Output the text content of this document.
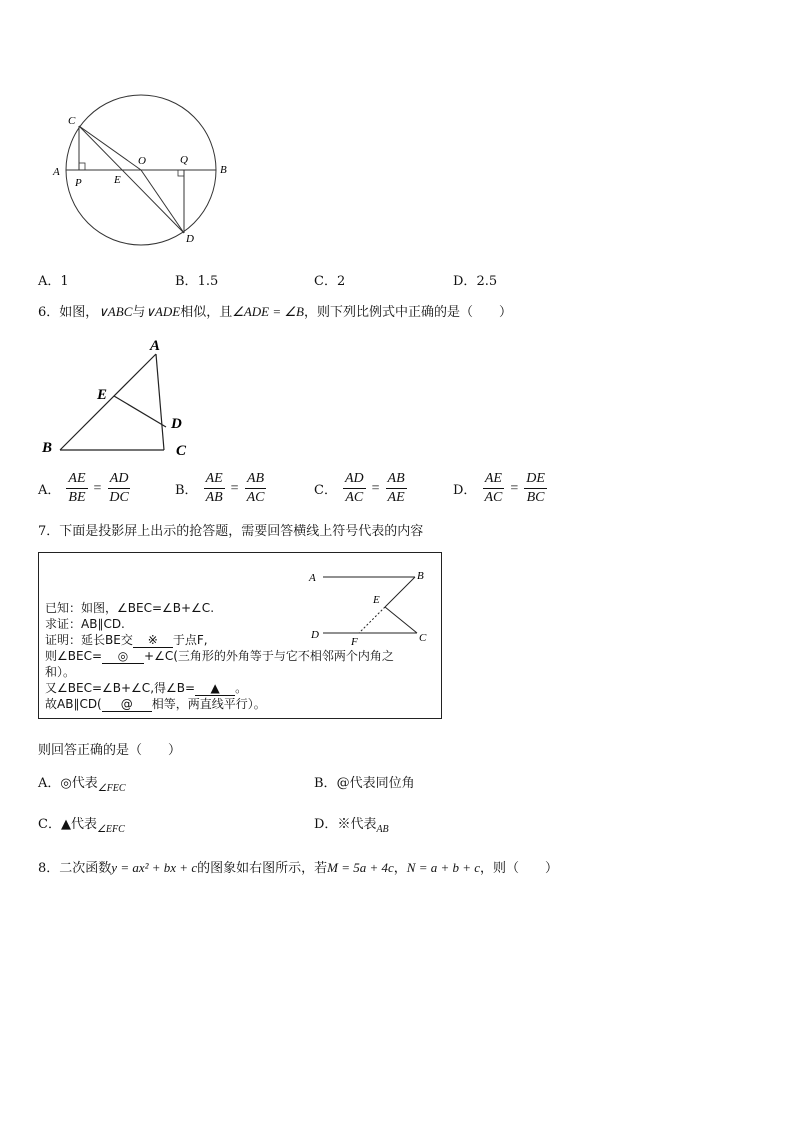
C
O	Q
A
P	E
B
D
A．1	B．1.5	C．2	D．2.5
6．如图，∨ABC与∨ADE相似，且∠ADE = ∠B，则下列比例式中正确的是（　　）
A
E
D
B	C
A． $\frac{AE}{BE} = \frac{AD}{DC}$	B． $\frac{AE}{AB} = \frac{AB}{AC}$	C． $\frac{AD}{AC} = \frac{AB}{AE}$	D． $\frac{AE}{AC} = \frac{DE}{BC}$
7．下面是投影屏上出示的抢答题，需要回答横线上符号代表的内容
A	B
E
D
F	C
已知：如图，∠BEC=∠B+∠C.
求证：AB∥CD.
证明：延长BE交 ※ 于点F,
则∠BEC= ◎ +∠C(三角形的外角等于与它不相邻两个内角之
和）。
又∠BEC=∠B+∠C,得∠B= ▲ 。
故AB∥CD( @ 相等，两直线平行）。
则回答正确的是（　　）
A．◎代表$_{\angle FEC}$	B．@代表同位角
C．▲代表$_{\angle EFC}$	D．※代表$_{AB}$
8．二次函数y = ax² + bx + c的图象如右图所示，若M = 5a + 4c，N = a + b + c，则（　　）
